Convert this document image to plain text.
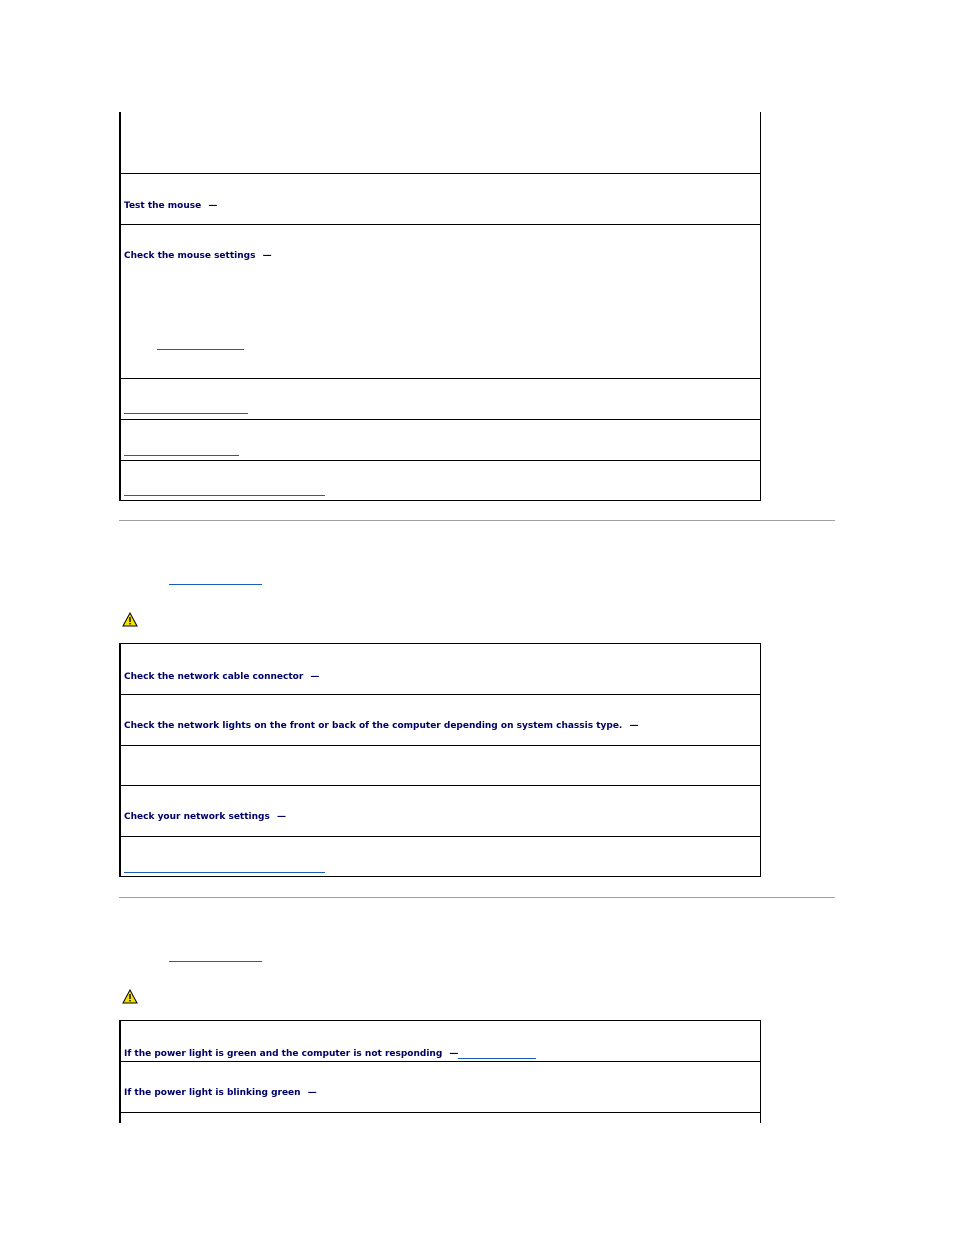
Test the mouse —
Check the mouse settings —
Check the network cable connector —
Check the network lights on the front or back of the computer depending on system chassis type. —
Check your network settings —
If the power light is green and the computer is not responding —
If the power light is blinking green —
